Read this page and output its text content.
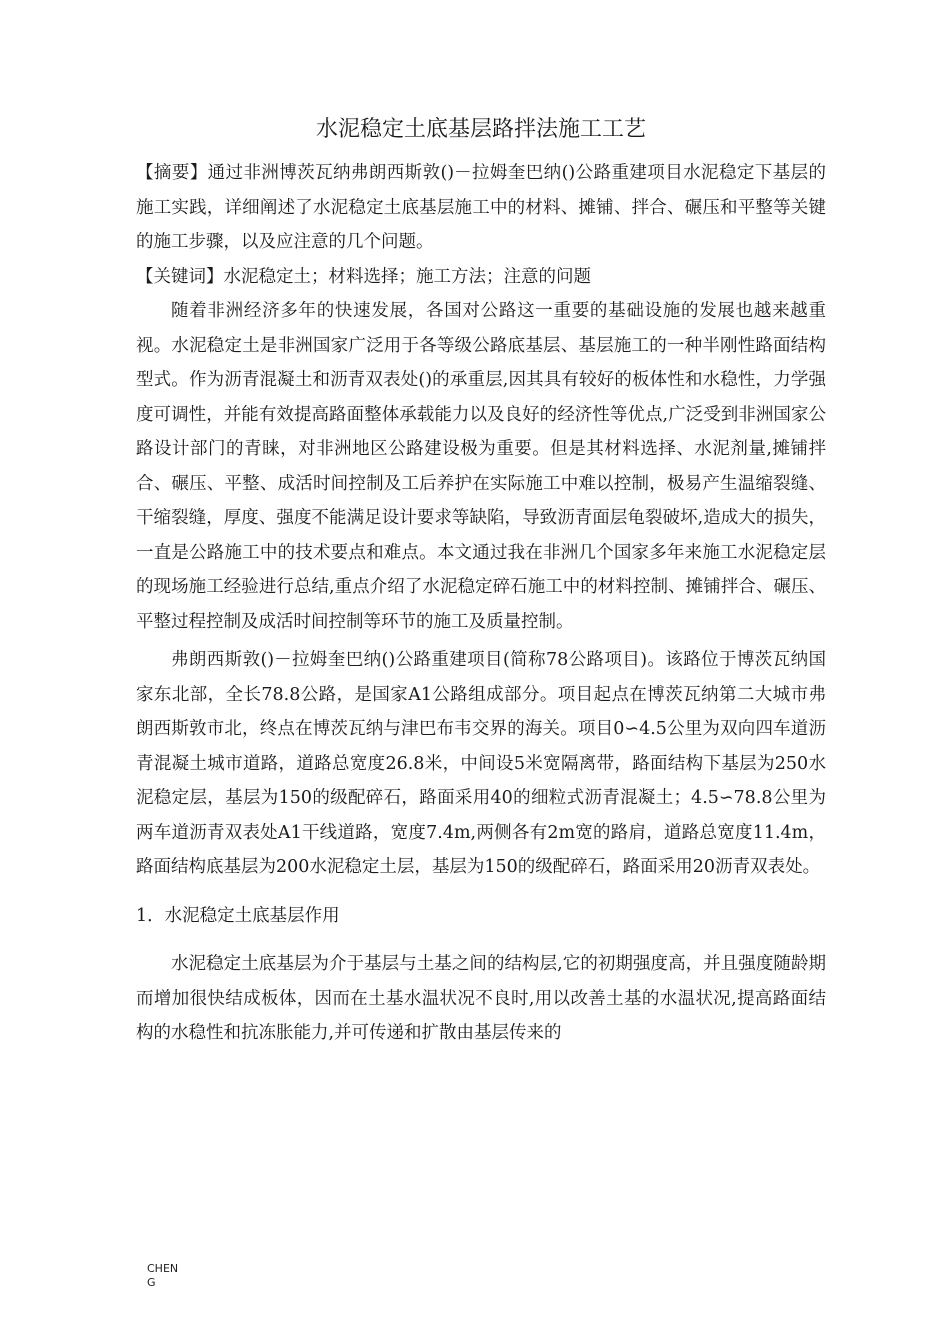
水泥稳定土底基层路拌法施工工艺

【摘要】通过非洲博茨瓦纳弗朗西斯敦()－拉姆奎巴纳()公路重建项目水泥稳定下基层的施工实践，详细阐述了水泥稳定土底基层施工中的材料、摊铺、拌合、碾压和平整等关键的施工步骤，以及应注意的几个问题。

【关键词】水泥稳定土；材料选择；施工方法；注意的问题

随着非洲经济多年的快速发展，各国对公路这一重要的基础设施的发展也越来越重视。水泥稳定土是非洲国家广泛用于各等级公路底基层、基层施工的一种半刚性路面结构型式。作为沥青混凝土和沥青双表处()的承重层,因其具有较好的板体性和水稳性，力学强度可调性，并能有效提高路面整体承载能力以及良好的经济性等优点,广泛受到非洲国家公路设计部门的青睐，对非洲地区公路建设极为重要。但是其材料选择、水泥剂量,摊铺拌合、碾压、平整、成活时间控制及工后养护在实际施工中难以控制，极易产生温缩裂缝、干缩裂缝，厚度、强度不能满足设计要求等缺陷，导致沥青面层龟裂破坏,造成大的损失，一直是公路施工中的技术要点和难点。本文通过我在非洲几个国家多年来施工水泥稳定层的现场施工经验进行总结,重点介绍了水泥稳定碎石施工中的材料控制、摊铺拌合、碾压、平整过程控制及成活时间控制等环节的施工及质量控制。

弗朗西斯敦()－拉姆奎巴纳()公路重建项目(简称78公路项目)。该路位于博茨瓦纳国家东北部，全长78.8公路，是国家A1公路组成部分。项目起点在博茨瓦纳第二大城市弗朗西斯敦市北，终点在博茨瓦纳与津巴布韦交界的海关。项目0∽4.5公里为双向四车道沥青混凝土城市道路，道路总宽度26.8米，中间设5米宽隔离带，路面结构下基层为250水泥稳定层，基层为150的级配碎石，路面采用40的细粒式沥青混凝土；4.5∽78.8公里为两车道沥青双表处A1干线道路，宽度7.4m,两侧各有2m宽的路肩，道路总宽度11.4m，路面结构底基层为200水泥稳定土层，基层为150的级配碎石，路面采用20沥青双表处。

1．水泥稳定土底基层作用

水泥稳定土底基层为介于基层与土基之间的结构层,它的初期强度高，并且强度随龄期而增加很快结成板体，因而在土基水温状况不良时,用以改善土基的水温状况,提高路面结构的水稳性和抗冻胀能力,并可传递和扩散由基层传来的

CHENG
